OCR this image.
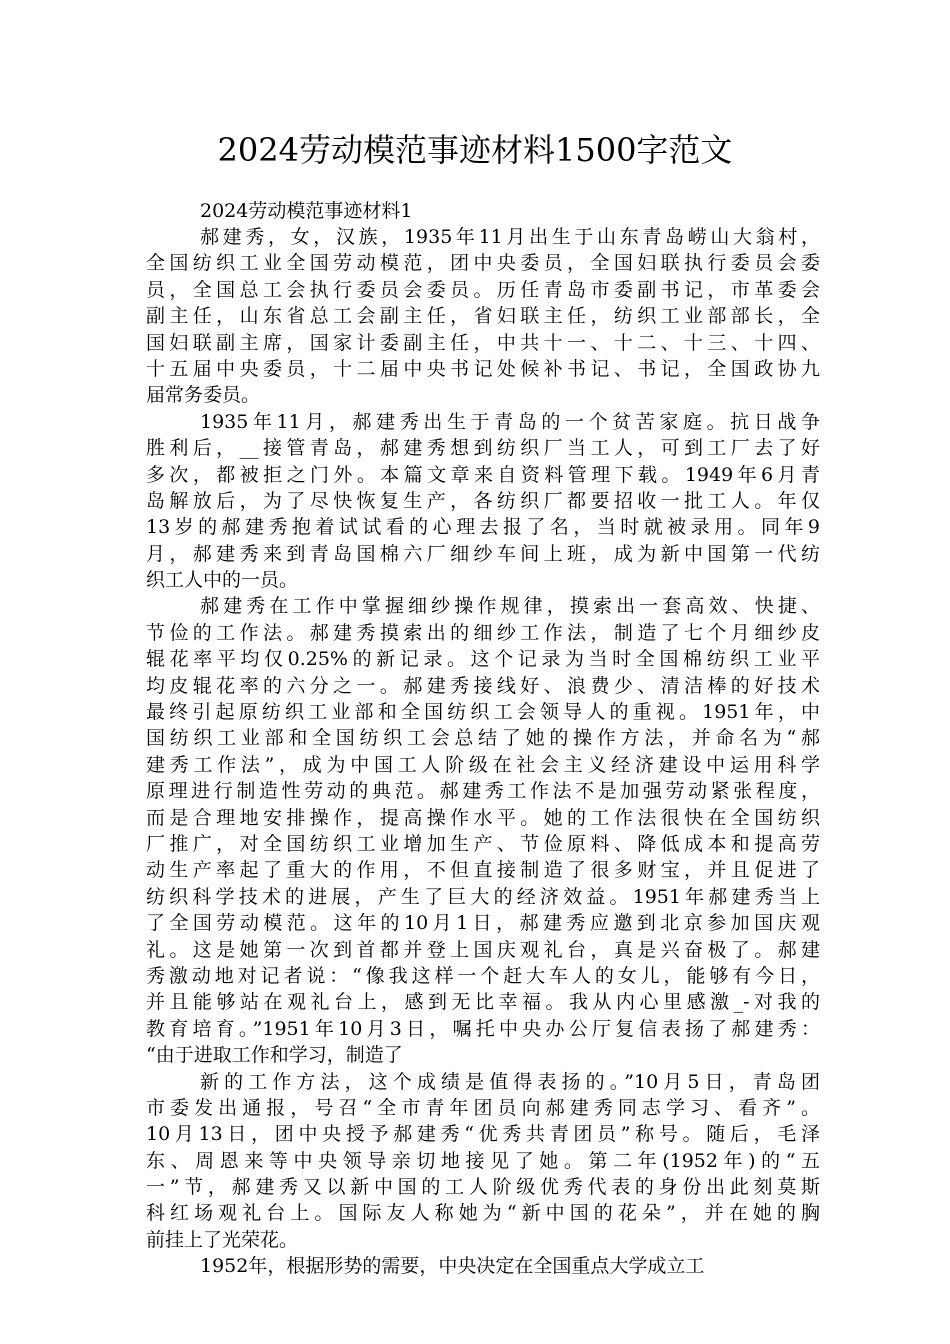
2024劳动模范事迹材料1500字范文

2024劳动模范事迹材料1

郝建秀，女，汉族，1935年11月出生于山东青岛崂山大翁村，
全国纺织工业全国劳动模范，团中央委员，全国妇联执行委员会委
员，全国总工会执行委员会委员。历任青岛市委副书记，市革委会
副主任，山东省总工会副主任，省妇联主任，纺织工业部部长，全
国妇联副主席，国家计委副主任，中共十一、十二、十三、十四、
十五届中央委员，十二届中央书记处候补书记、书记，全国政协九
届常务委员。

1935年11月，郝建秀出生于青岛的一个贫苦家庭。抗日战争
胜利后，__接管青岛，郝建秀想到纺织厂当工人，可到工厂去了好
多次，都被拒之门外。本篇文章来自资料管理下载。1949年6月青
岛解放后，为了尽快恢复生产，各纺织厂都要招收一批工人。年仅
13岁的郝建秀抱着试试看的心理去报了名，当时就被录用。同年9
月，郝建秀来到青岛国棉六厂细纱车间上班，成为新中国第一代纺
织工人中的一员。

郝建秀在工作中掌握细纱操作规律，摸索出一套高效、快捷、
节俭的工作法。郝建秀摸索出的细纱工作法，制造了七个月细纱皮
辊花率平均仅0.25%的新记录。这个记录为当时全国棉纺织工业平
均皮辊花率的六分之一。郝建秀接线好、浪费少、清洁棒的好技术
最终引起原纺织工业部和全国纺织工会领导人的重视。1951年，中
国纺织工业部和全国纺织工会总结了她的操作方法，并命名为“郝
建秀工作法”，成为中国工人阶级在社会主义经济建设中运用科学
原理进行制造性劳动的典范。郝建秀工作法不是加强劳动紧张程度，
而是合理地安排操作，提高操作水平。她的工作法很快在全国纺织
厂推广，对全国纺织工业增加生产、节俭原料、降低成本和提高劳
动生产率起了重大的作用，不但直接制造了很多财宝，并且促进了
纺织科学技术的进展，产生了巨大的经济效益。1951年郝建秀当上
了全国劳动模范。这年的10月1日，郝建秀应邀到北京参加国庆观
礼。这是她第一次到首都并登上国庆观礼台，真是兴奋极了。郝建
秀激动地对记者说：“像我这样一个赶大车人的女儿，能够有今日，
并且能够站在观礼台上，感到无比幸福。我从内心里感激_-对我的
教育培育。”1951年10月3日，嘱托中央办公厅复信表扬了郝建秀：
“由于进取工作和学习，制造了

新的工作方法，这个成绩是值得表扬的。”10月5日，青岛团
市委发出通报，号召“全市青年团员向郝建秀同志学习、看齐”。
10月13日，团中央授予郝建秀“优秀共青团员”称号。随后，毛泽
东、周恩来等中央领导亲切地接见了她。第二年(1952年)的“五
一”节，郝建秀又以新中国的工人阶级优秀代表的身份出此刻莫斯
科红场观礼台上。国际友人称她为“新中国的花朵”，并在她的胸
前挂上了光荣花。

1952年，根据形势的需要，中央决定在全国重点大学成立工
